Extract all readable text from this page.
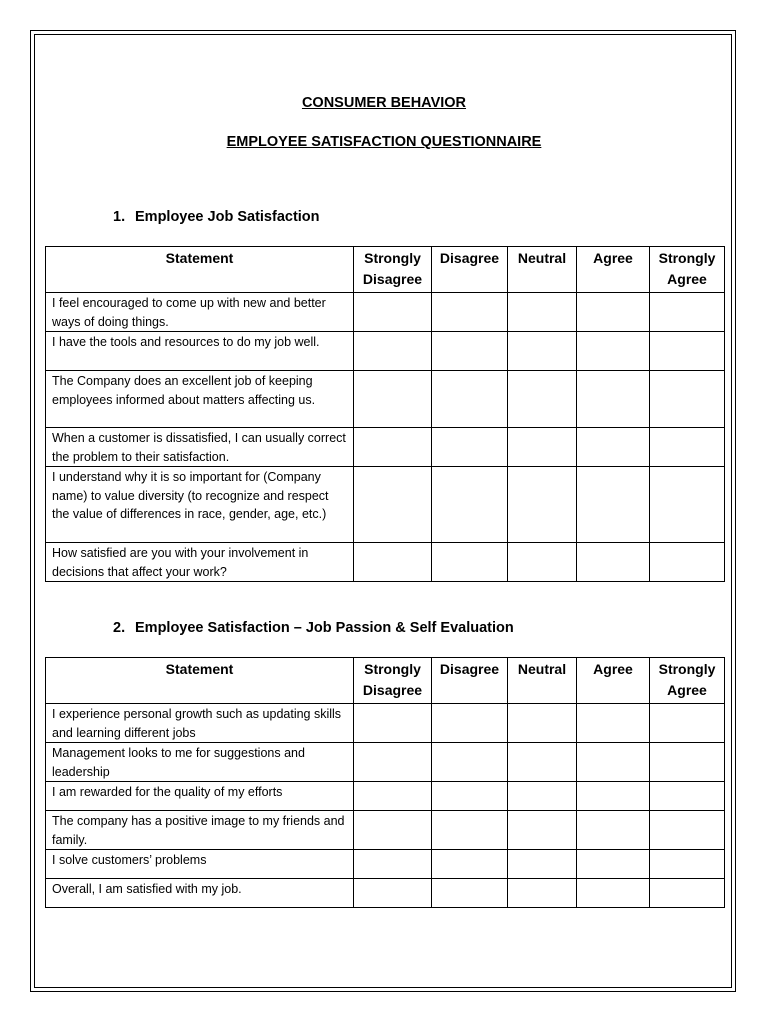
CONSUMER BEHAVIOR
EMPLOYEE SATISFACTION QUESTIONNAIRE
1. Employee Job Satisfaction
Statement	Strongly Disagree	Disagree	Neutral	Agree	Strongly Agree
I feel encouraged to come up with new and better ways of doing things.					
I have the tools and resources to do my job well.					
The Company does an excellent job of keeping employees informed about matters affecting us.					
When a customer is dissatisfied, I can usually correct the problem to their satisfaction.					
I understand why it is so important for (Company name) to value diversity (to recognize and respect the value of differences in race, gender, age, etc.)					
How satisfied are you with your involvement in decisions that affect your work?					
2. Employee Satisfaction – Job Passion & Self Evaluation
Statement	Strongly Disagree	Disagree	Neutral	Agree	Strongly Agree
I experience personal growth such as updating skills and learning different jobs					
Management looks to me for suggestions and leadership					
I am rewarded for the quality of my efforts					
The company has a positive image to my friends and family.					
I solve customers’ problems					
Overall, I am satisfied with my job.					
